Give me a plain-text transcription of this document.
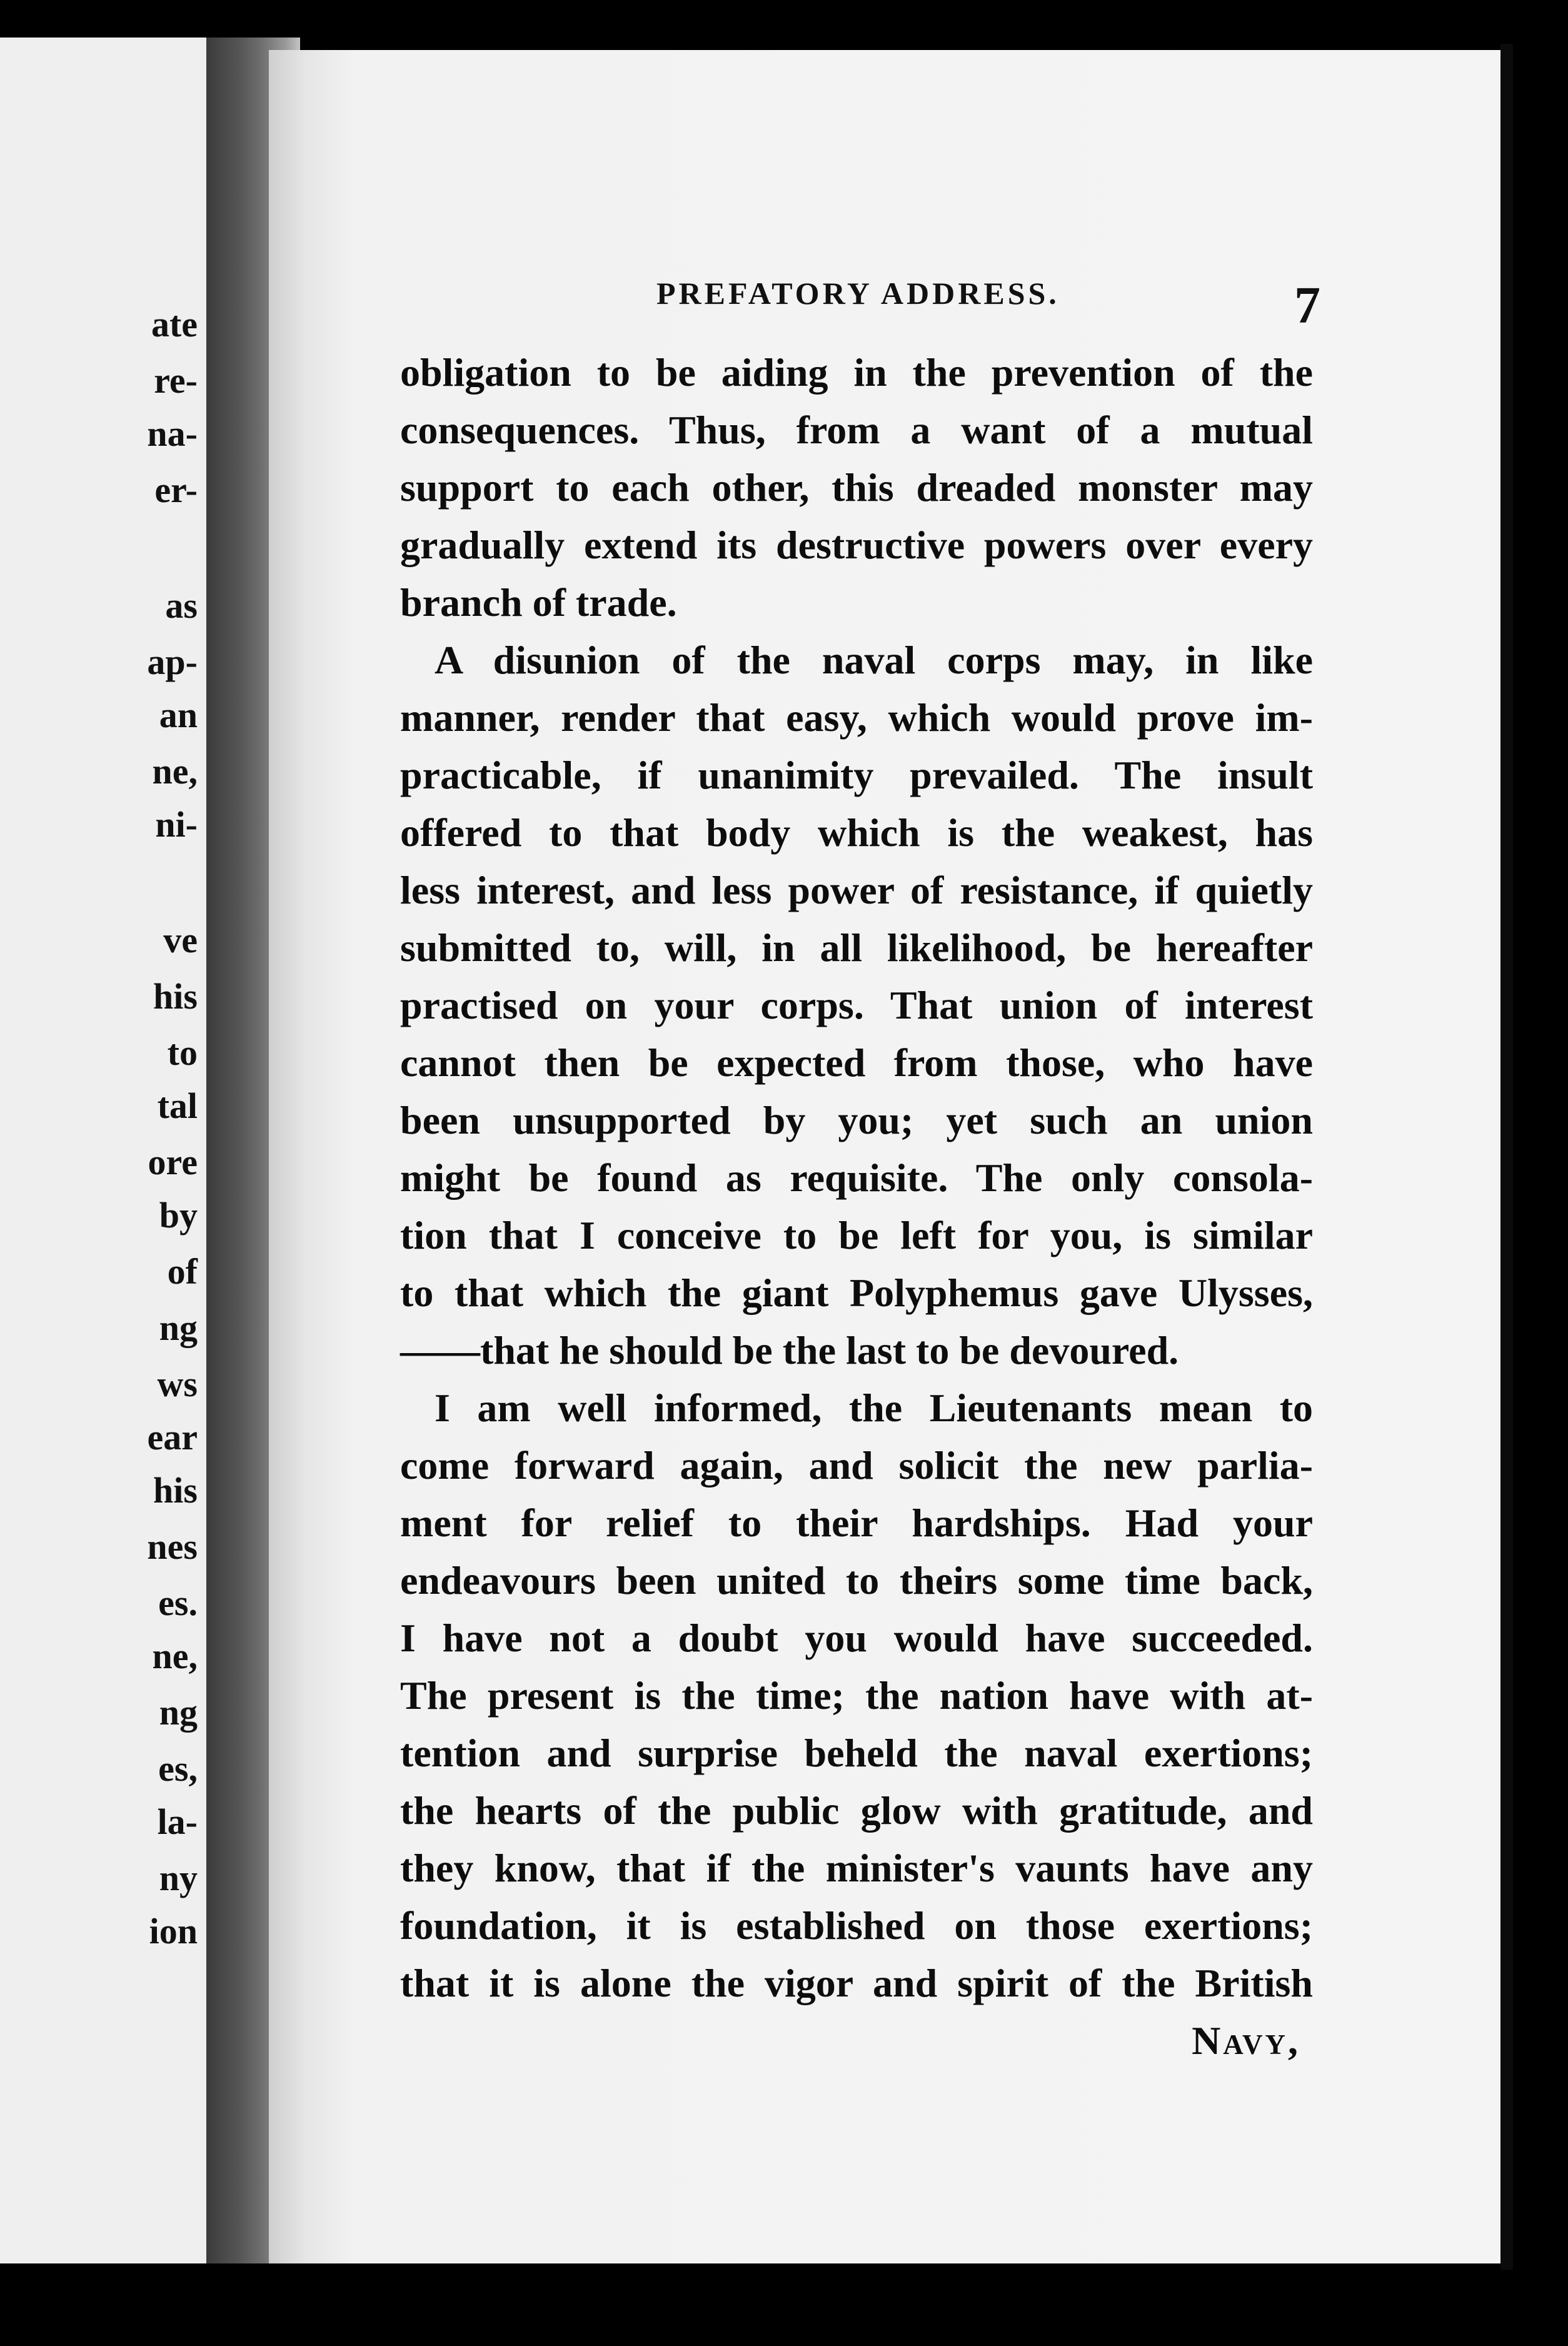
ate
re-
na-
er-
as
ap-
an
ne,
ni-
ve
his
to
tal
ore
by
of
ng
ws
ear
his
nes
es.
ne,
ng
es,
la-
ny
ion
PREFATORY ADDRESS.	7
obligation to be aiding in the prevention of the
consequences. Thus, from a want of a mutual
support to each other, this dreaded monster may
gradually extend its destructive powers over every
branch of trade.
A disunion of the naval corps may, in like
manner, render that easy, which would prove im-
practicable, if unanimity prevailed. The insult
offered to that body which is the weakest, has
less interest, and less power of resistance, if quietly
submitted to, will, in all likelihood, be hereafter
practised on your corps. That union of interest
cannot then be expected from those, who have
been unsupported by you; yet such an union
might be found as requisite. The only consola-
tion that I conceive to be left for you, is similar
to that which the giant Polyphemus gave Ulysses,
——that he should be the last to be devoured.
I am well informed, the Lieutenants mean to
come forward again, and solicit the new parlia-
ment for relief to their hardships. Had your
endeavours been united to theirs some time back,
I have not a doubt you would have succeeded.
The present is the time; the nation have with at-
tention and surprise beheld the naval exertions;
the hearts of the public glow with gratitude, and
they know, that if the minister's vaunts have any
foundation, it is established on those exertions;
that it is alone the vigor and spirit of the British
Navy,
